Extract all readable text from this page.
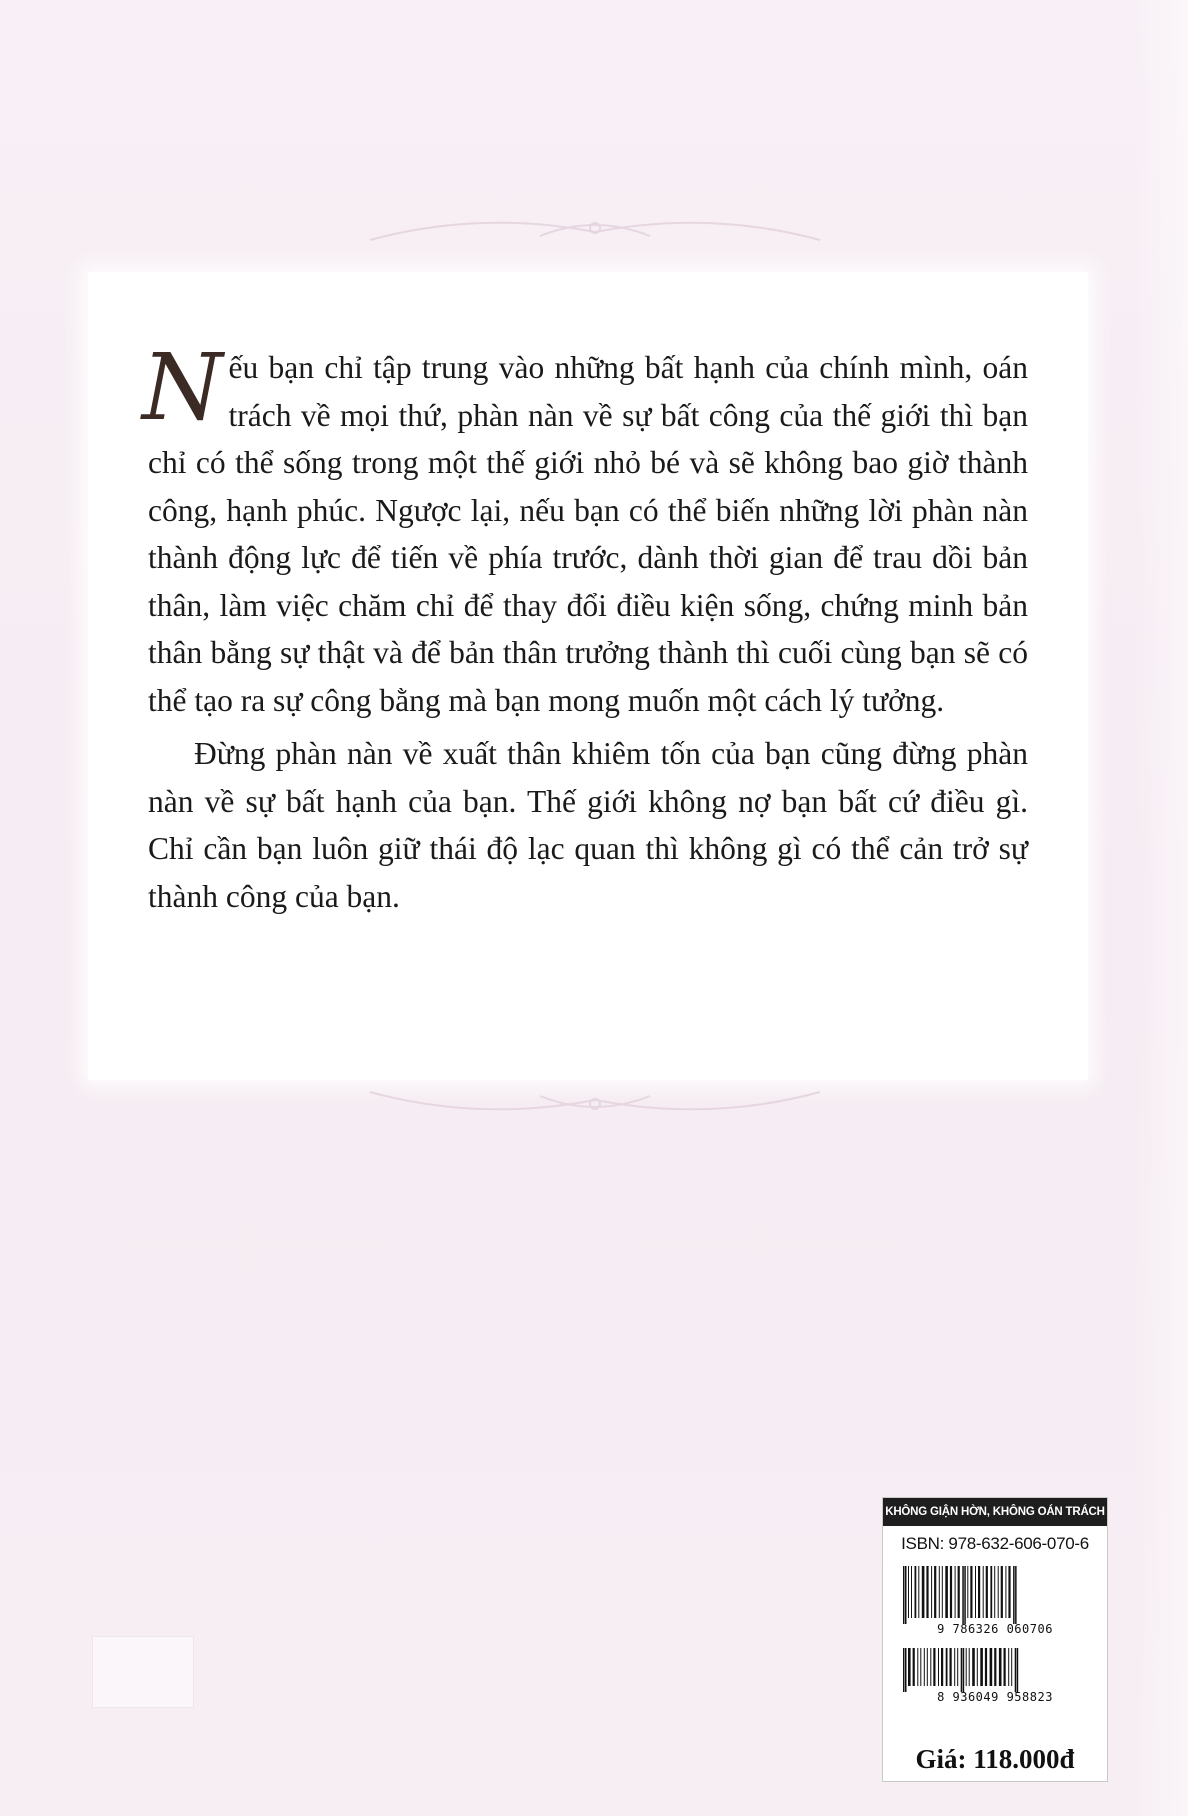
Nếu bạn chỉ tập trung vào những bất hạnh của chính mình, oán trách về mọi thứ, phàn nàn về sự bất công của thế giới thì bạn chỉ có thể sống trong một thế giới nhỏ bé và sẽ không bao giờ thành công, hạnh phúc. Ngược lại, nếu bạn có thể biến những lời phàn nàn thành động lực để tiến về phía trước, dành thời gian để trau dồi bản thân, làm việc chăm chỉ để thay đổi điều kiện sống, chứng minh bản thân bằng sự thật và để bản thân trưởng thành thì cuối cùng bạn sẽ có thể tạo ra sự công bằng mà bạn mong muốn một cách lý tưởng.

Đừng phàn nàn về xuất thân khiêm tốn của bạn cũng đừng phàn nàn về sự bất hạnh của bạn. Thế giới không nợ bạn bất cứ điều gì. Chỉ cần bạn luôn giữ thái độ lạc quan thì không gì có thể cản trở sự thành công của bạn.

KHÔNG GIẬN HỜN, KHÔNG OÁN TRÁCH
ISBN: 978-632-606-070-6
9 786326 060706
8 936049 958823
Giá: 118.000đ
